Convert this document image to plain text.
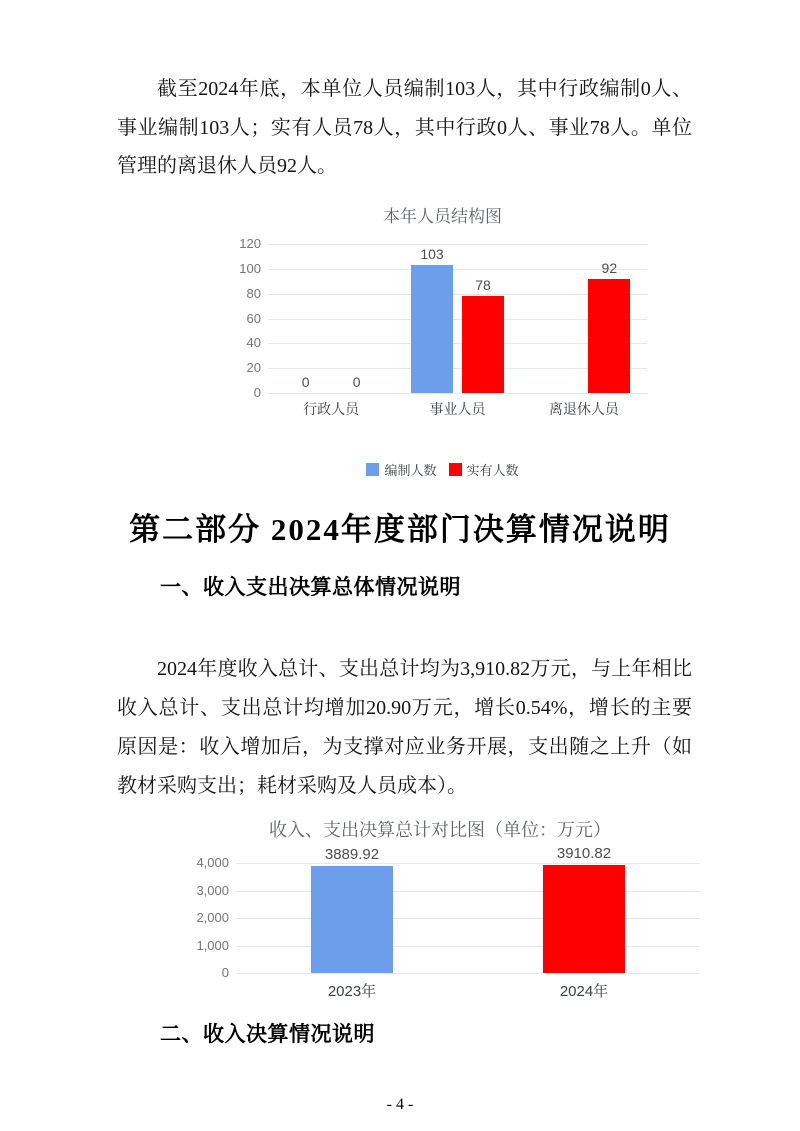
截至2024年底，本单位人员编制103人，其中行政编制0人、事业编制103人；实有人员78人，其中行政0人、事业78人。单位管理的离退休人员92人。

本年人员结构图
0
20
40
60
80
100
120
0	0
行政人员
103
78
事业人员
92
离退休人员
编制人数 实有人数
第二部分 2024年度部门决算情况说明
一、收入支出决算总体情况说明

2024年度收入总计、支出总计均为3,910.82万元，与上年相比收入总计、支出总计均增加20.90万元，增长0.54%，增长的主要原因是：收入增加后，为支撑对应业务开展，支出随之上升（如教材采购支出；耗材采购及人员成本）。

收入、支出决算总计对比图（单位：万元）
0
1,000
2,000
3,000
4,000	3889.92
2023年
3910.82
2024年
二、收入决算情况说明
- 4 -
